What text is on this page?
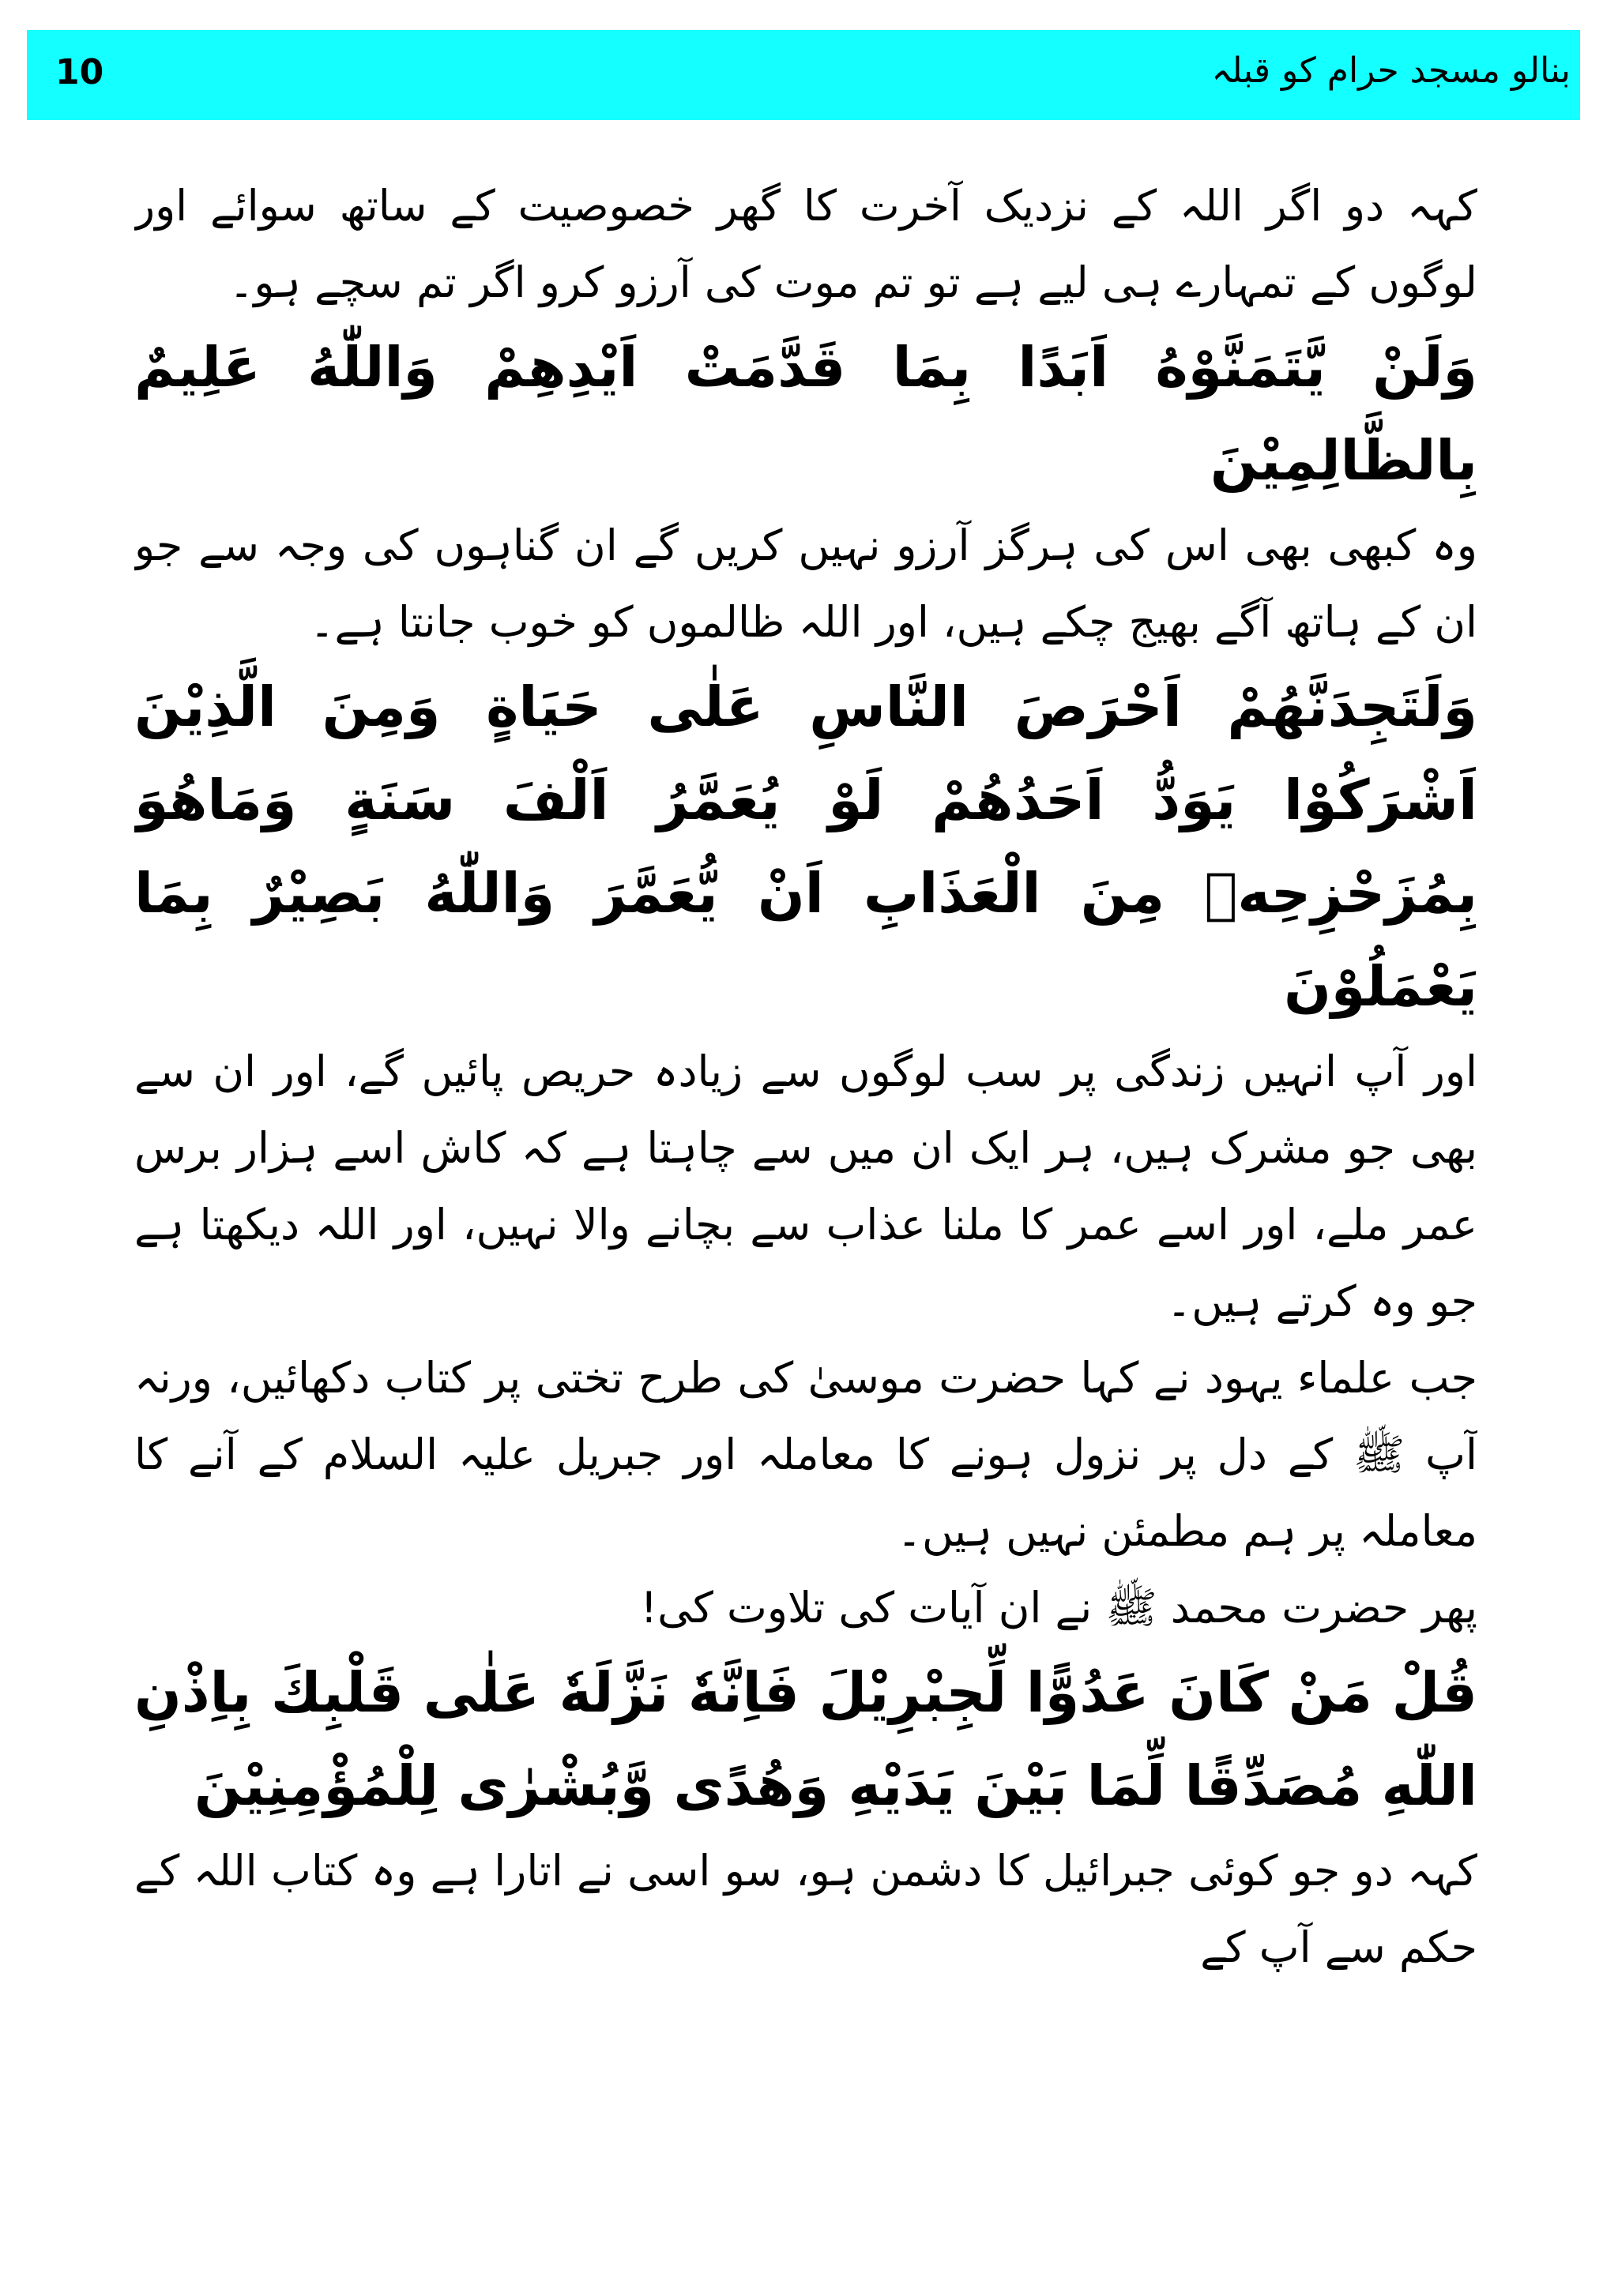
10	بنالو مسجد حرام کو قبلہ

کہہ دو اگر اللہ کے نزدیک آخرت کا گھر خصوصیت کے ساتھ سوائے اور لوگوں کے تمہارے ہی لیے ہے تو تم موت کی آرزو کرو اگر تم سچے ہو۔

وَلَنْ يَّتَمَنَّوْهُ اَبَدًا بِمَا قَدَّمَتْ اَيْدِهِمْ وَاللّٰهُ عَلِيمٌ بِالظَّالِمِيْنَ

وہ کبھی بھی اس کی ہرگز آرزو نہیں کریں گے ان گناہوں کی وجہ سے جو ان کے ہاتھ آگے بھیج چکے ہیں، اور اللہ ظالموں کو خوب جانتا ہے۔

وَلَتَجِدَنَّهُمْ اَحْرَصَ النَّاسِ عَلٰى حَيَاةٍ وَمِنَ الَّذِيْنَ اَشْرَكُوْا يَوَدُّ اَحَدُهُمْ لَوْ يُعَمَّرُ اَلْفَ سَنَةٍ وَمَاهُوَ بِمُزَحْزِحِهٖ مِنَ الْعَذَابِ اَنْ يُّعَمَّرَ وَاللّٰهُ بَصِيْرٌ بِمَا يَعْمَلُوْنَ

اور آپ انہیں زندگی پر سب لوگوں سے زیادہ حریص پائیں گے، اور ان سے بھی جو مشرک ہیں، ہر ایک ان میں سے چاہتا ہے کہ کاش اسے ہزار برس عمر ملے، اور اسے عمر کا ملنا عذاب سے بچانے والا نہیں، اور اللہ دیکھتا ہے جو وہ کرتے ہیں۔

جب علماء یہود نے کہا حضرت موسیٰ کی طرح تختی پر کتاب دکھائیں، ورنہ آپ ﷺ کے دل پر نزول ہونے کا معاملہ اور جبریل علیہ السلام کے آنے کا معاملہ پر ہم مطمئن نہیں ہیں۔

پھر حضرت محمد ﷺ نے ان آیات کی تلاوت کی!

قُلْ مَنْ كَانَ عَدُوًّا لِّجِبْرِيْلَ فَاِنَّهٗ نَزَّلَهٗ عَلٰى قَلْبِكَ بِاِذْنِ اللّٰهِ مُصَدِّقًا لِّمَا بَيْنَ يَدَيْهِ وَهُدًى وَّبُشْرٰى لِلْمُؤْمِنِيْنَ

کہہ دو جو کوئی جبرائیل کا دشمن ہو، سو اسی نے اتارا ہے وہ کتاب اللہ کے حکم سے آپ کے
